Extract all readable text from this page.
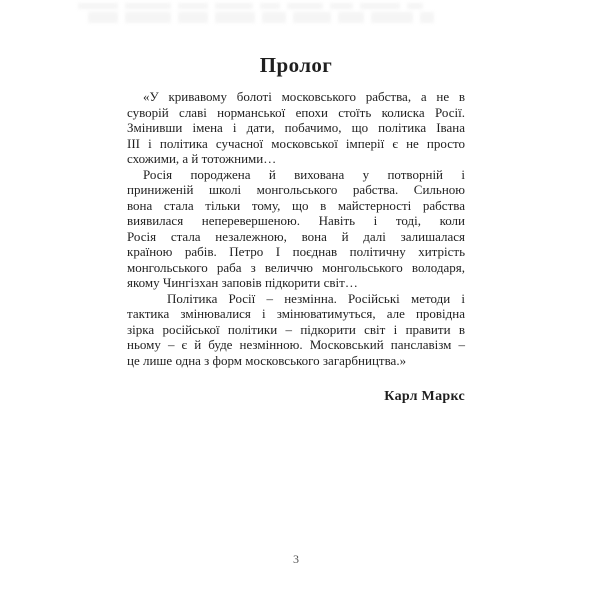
Пролог
«У кривавому болоті московського рабства, а не в
суворій славі норманської епохи стоїть колиска Росії.
Змінивши імена і дати, побачимо, що політика Івана
III і політика сучасної московської імперії є не просто
схожими, а й тотожними…
Росія породжена й вихована у потворній і
приниженій школі монгольського рабства. Сильною
вона стала тільки тому, що в майстерності рабства
виявилася неперевершеною. Навіть і тоді, коли
Росія стала незалежною, вона й далі залишалася
країною рабів. Петро I поєднав політичну хитрість
монгольського раба з величчю монгольського володаря,
якому Чингізхан заповів підкорити світ…
Політика Росії – незмінна. Російські методи і
тактика змінювалися і змінюватимуться, але провідна
зірка російської політики – підкорити світ і правити в
ньому – є й буде незмінною. Московський панславізм –
це лише одна з форм московського загарбництва.»
Карл Маркс
3
